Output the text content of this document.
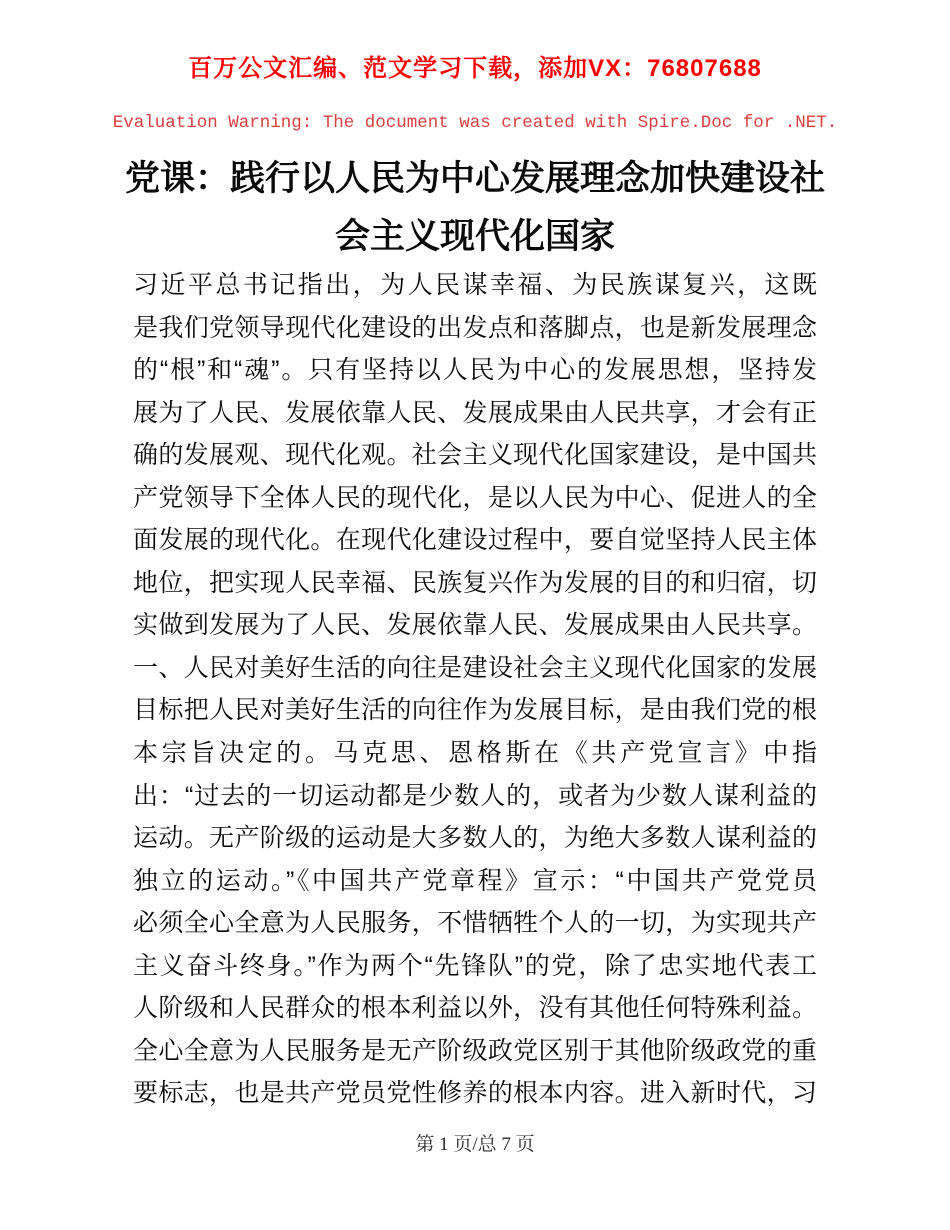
百万公文汇编、范文学习下载，添加VX：76807688
Evaluation Warning: The document was created with Spire.Doc for .NET.
党课：践行以人民为中心发展理念加快建设社会主义现代化国家
习近平总书记指出，为人民谋幸福、为民族谋复兴，这既
是我们党领导现代化建设的出发点和落脚点，也是新发展理念
的“根”和“魂”。只有坚持以人民为中心的发展思想，坚持发
展为了人民、发展依靠人民、发展成果由人民共享，才会有正
确的发展观、现代化观。社会主义现代化国家建设，是中国共
产党领导下全体人民的现代化，是以人民为中心、促进人的全
面发展的现代化。在现代化建设过程中，要自觉坚持人民主体
地位，把实现人民幸福、民族复兴作为发展的目的和归宿，切
实做到发展为了人民、发展依靠人民、发展成果由人民共享。
一、人民对美好生活的向往是建设社会主义现代化国家的发展
目标把人民对美好生活的向往作为发展目标，是由我们党的根
本宗旨决定的。马克思、恩格斯在《共产党宣言》中指
出：“过去的一切运动都是少数人的，或者为少数人谋利益的
运动。无产阶级的运动是大多数人的，为绝大多数人谋利益的
独立的运动。”《中国共产党章程》宣示：“中国共产党党员
必须全心全意为人民服务，不惜牺牲个人的一切，为实现共产
主义奋斗终身。”作为两个“先锋队”的党，除了忠实地代表工
人阶级和人民群众的根本利益以外，没有其他任何特殊利益。
全心全意为人民服务是无产阶级政党区别于其他阶级政党的重
要标志，也是共产党员党性修养的根本内容。进入新时代，习
第 1 页/总 7 页
